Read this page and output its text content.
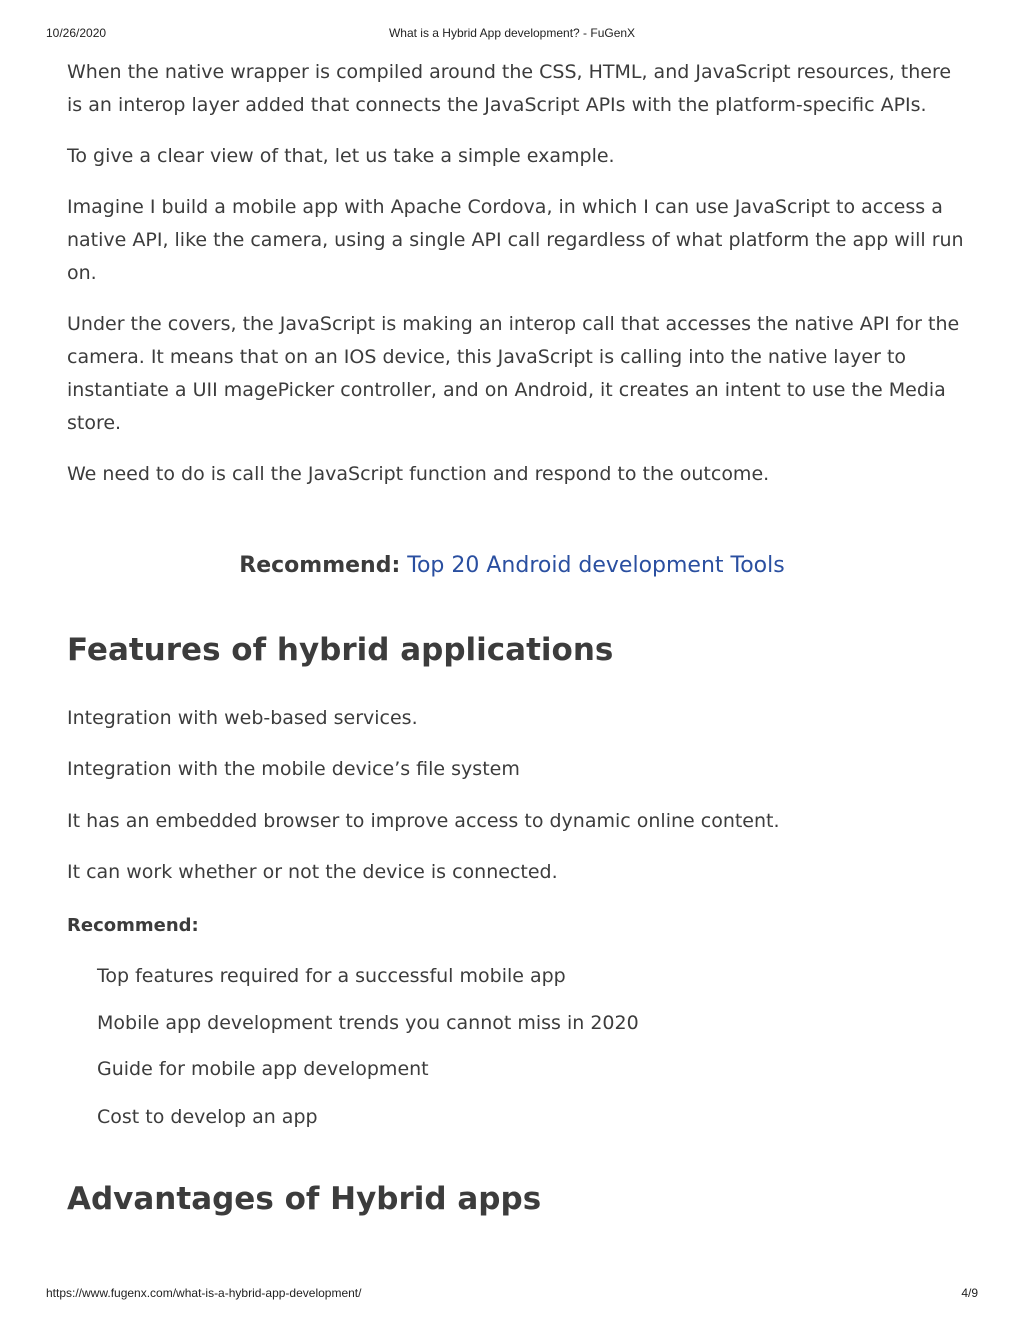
10/26/2020	What is a Hybrid App development? - FuGenX

When the native wrapper is compiled around the CSS, HTML, and JavaScript resources, there is an interop layer added that connects the JavaScript APIs with the platform-specific APIs.

To give a clear view of that, let us take a simple example.

Imagine I build a mobile app with Apache Cordova, in which I can use JavaScript to access a native API, like the camera, using a single API call regardless of what platform the app will run on.

Under the covers, the JavaScript is making an interop call that accesses the native API for the camera. It means that on an IOS device, this JavaScript is calling into the native layer to instantiate a UII magePicker controller, and on Android, it creates an intent to use the Media store.

We need to do is call the JavaScript function and respond to the outcome.

Recommend: Top 20 Android development Tools
Features of hybrid applications
Integration with web-based services.
Integration with the mobile device’s file system
It has an embedded browser to improve access to dynamic online content.
It can work whether or not the device is connected.
Recommend:
Top features required for a successful mobile app
Mobile app development trends you cannot miss in 2020
Guide for mobile app development
Cost to develop an app
Advantages of Hybrid apps
https://www.fugenx.com/what-is-a-hybrid-app-development/	4/9
